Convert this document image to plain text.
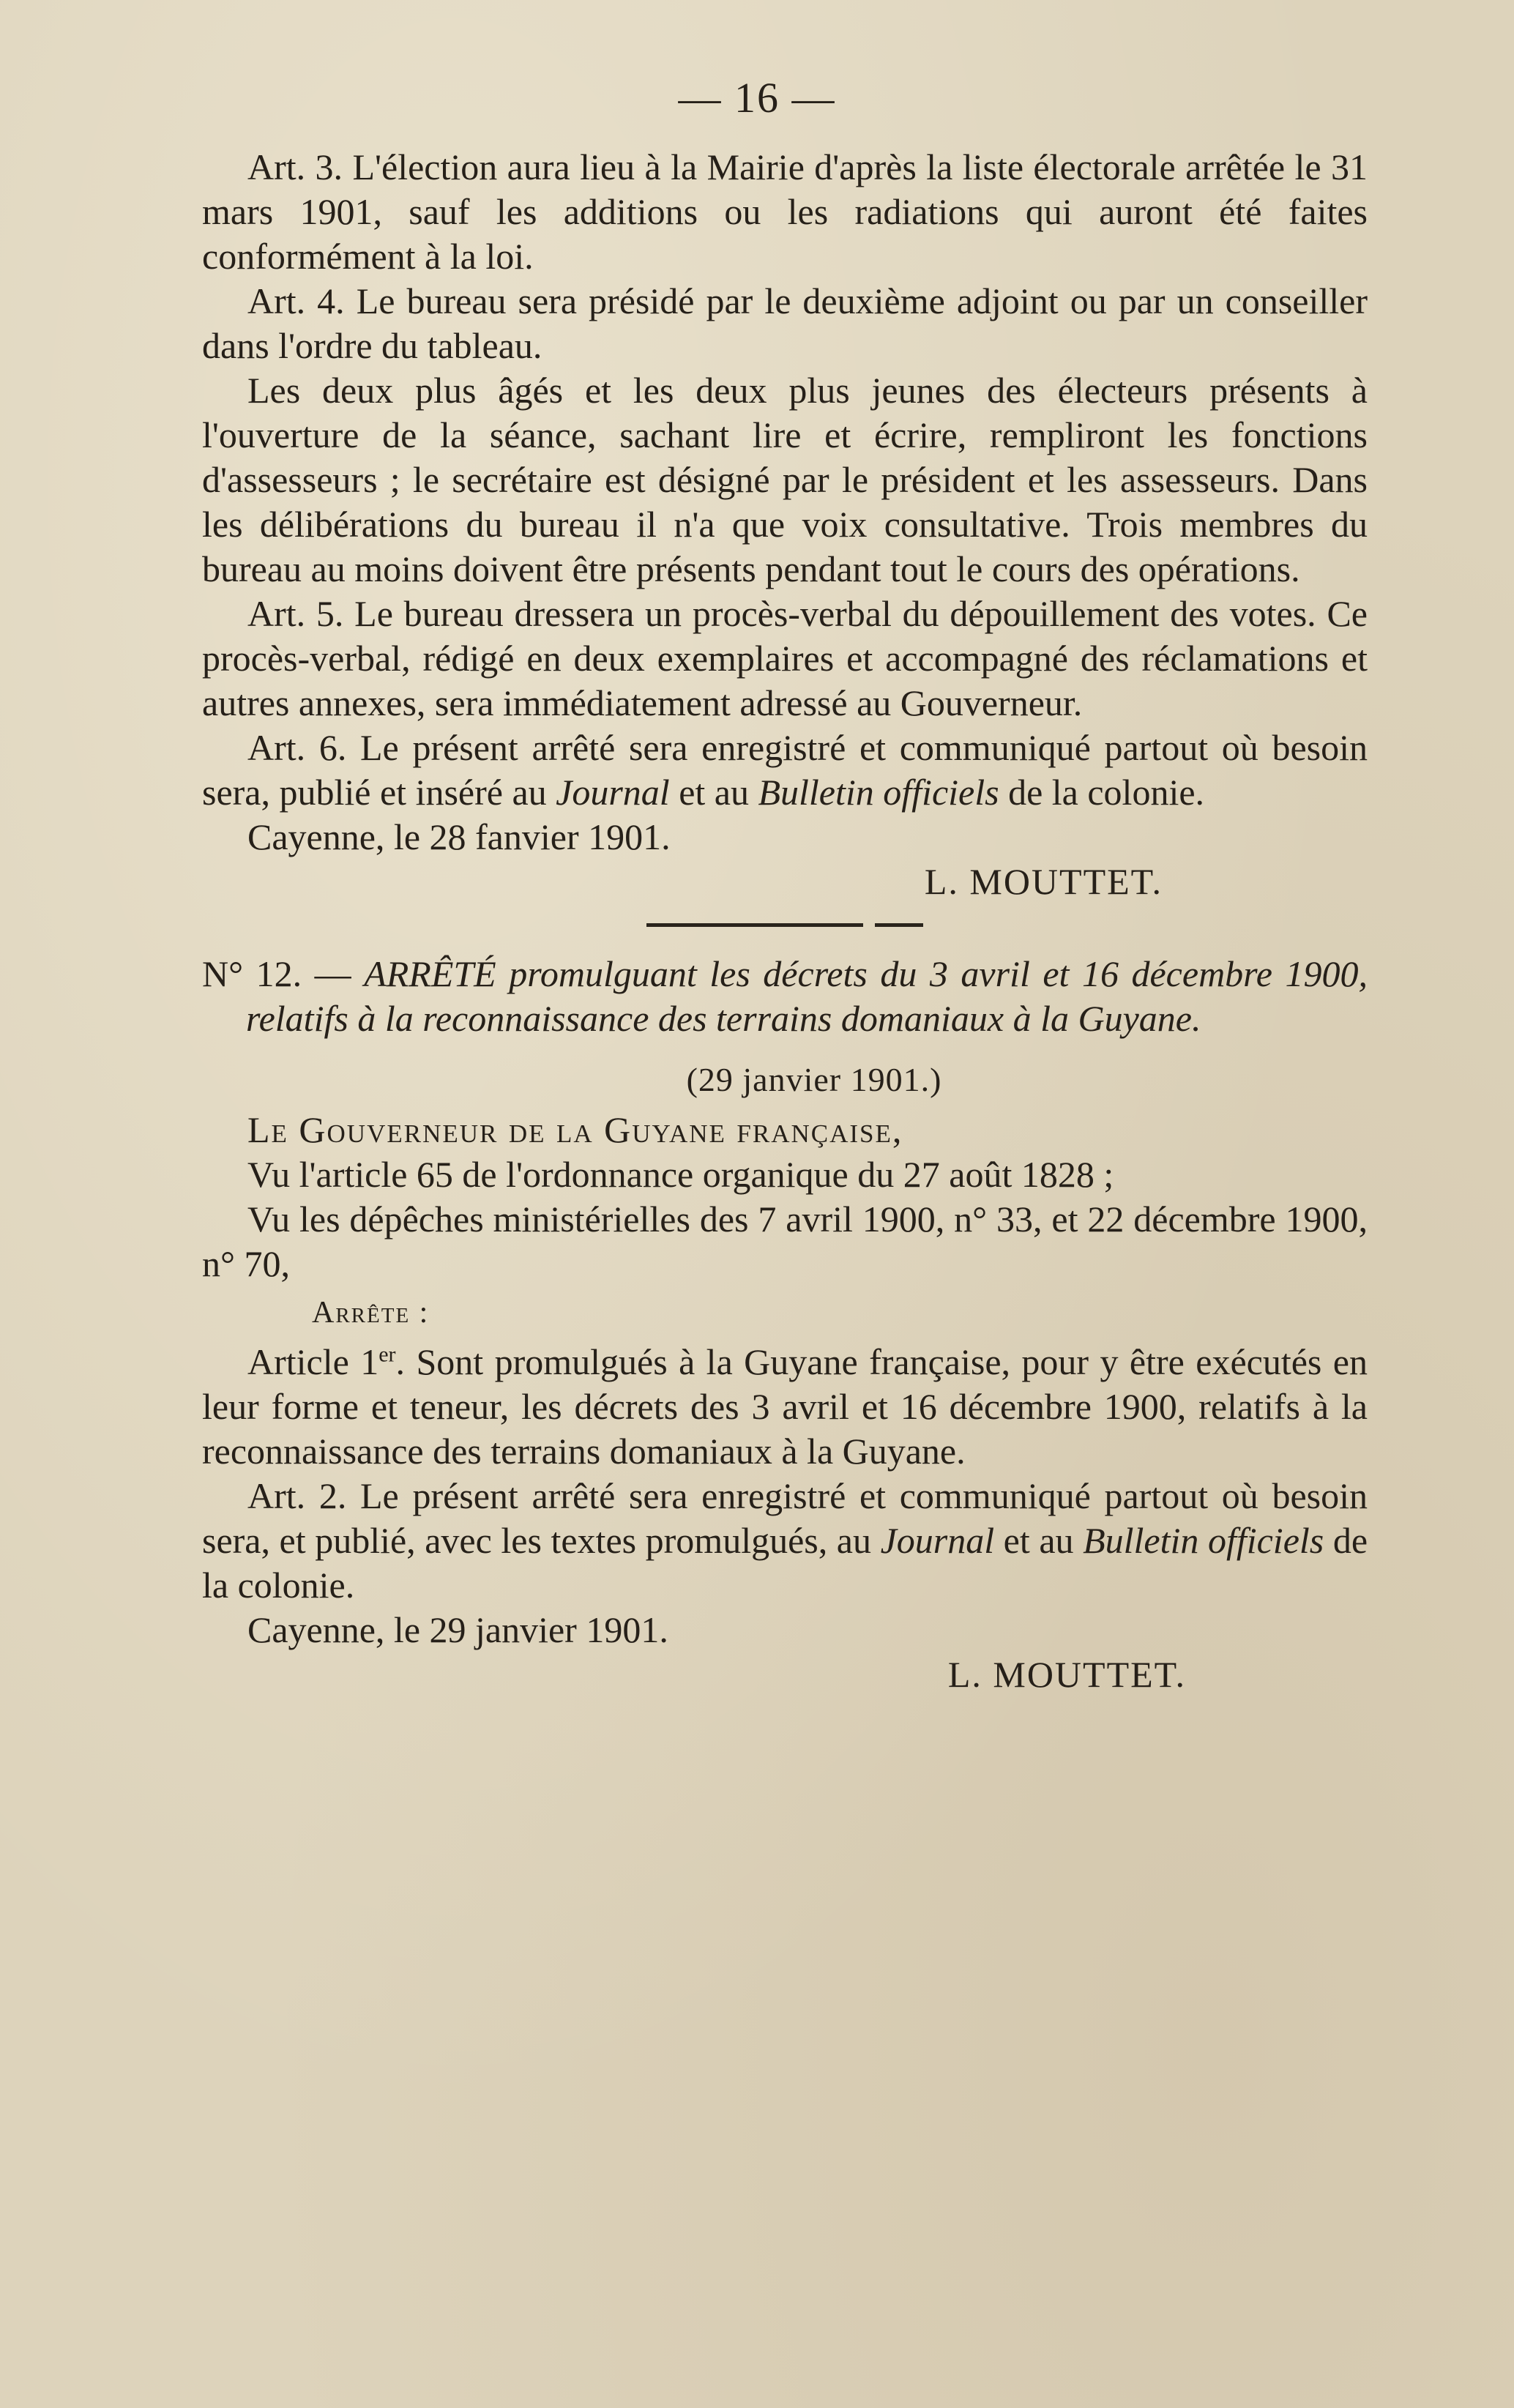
— 16 —

Art. 3. L'élection aura lieu à la Mairie d'après la liste électorale arrêtée le 31 mars 1901, sauf les additions ou les radiations qui auront été faites conformément à la loi.

Art. 4. Le bureau sera présidé par le deuxième adjoint ou par un conseiller dans l'ordre du tableau.

Les deux plus âgés et les deux plus jeunes des électeurs présents à l'ouverture de la séance, sachant lire et écrire, rempliront les fonctions d'assesseurs ; le secrétaire est désigné par le président et les assesseurs. Dans les délibérations du bureau il n'a que voix consultative. Trois membres du bureau au moins doivent être présents pendant tout le cours des opérations.

Art. 5. Le bureau dressera un procès-verbal du dépouillement des votes. Ce procès-verbal, rédigé en deux exemplaires et accompagné des réclamations et autres annexes, sera immédiatement adressé au Gouverneur.

Art. 6. Le présent arrêté sera enregistré et communiqué partout où besoin sera, publié et inséré au Journal et au Bulletin officiels de la colonie.

Cayenne, le 28 fanvier 1901.

L. MOUTTET.

N° 12. — ARRÊTÉ promulguant les décrets du 3 avril et 16 décembre 1900, relatifs à la reconnaissance des terrains domaniaux à la Guyane.

(29 janvier 1901.)

Le Gouverneur de la Guyane française,

Vu l'article 65 de l'ordonnance organique du 27 août 1828 ;

Vu les dépêches ministérielles des 7 avril 1900, n° 33, et 22 décembre 1900, n° 70,

Arrête :

Article 1er. Sont promulgués à la Guyane française, pour y être exécutés en leur forme et teneur, les décrets des 3 avril et 16 décembre 1900, relatifs à la reconnaissance des terrains domaniaux à la Guyane.

Art. 2. Le présent arrêté sera enregistré et communiqué partout où besoin sera, et publié, avec les textes promulgués, au Journal et au Bulletin officiels de la colonie.

Cayenne, le 29 janvier 1901.

L. MOUTTET.
